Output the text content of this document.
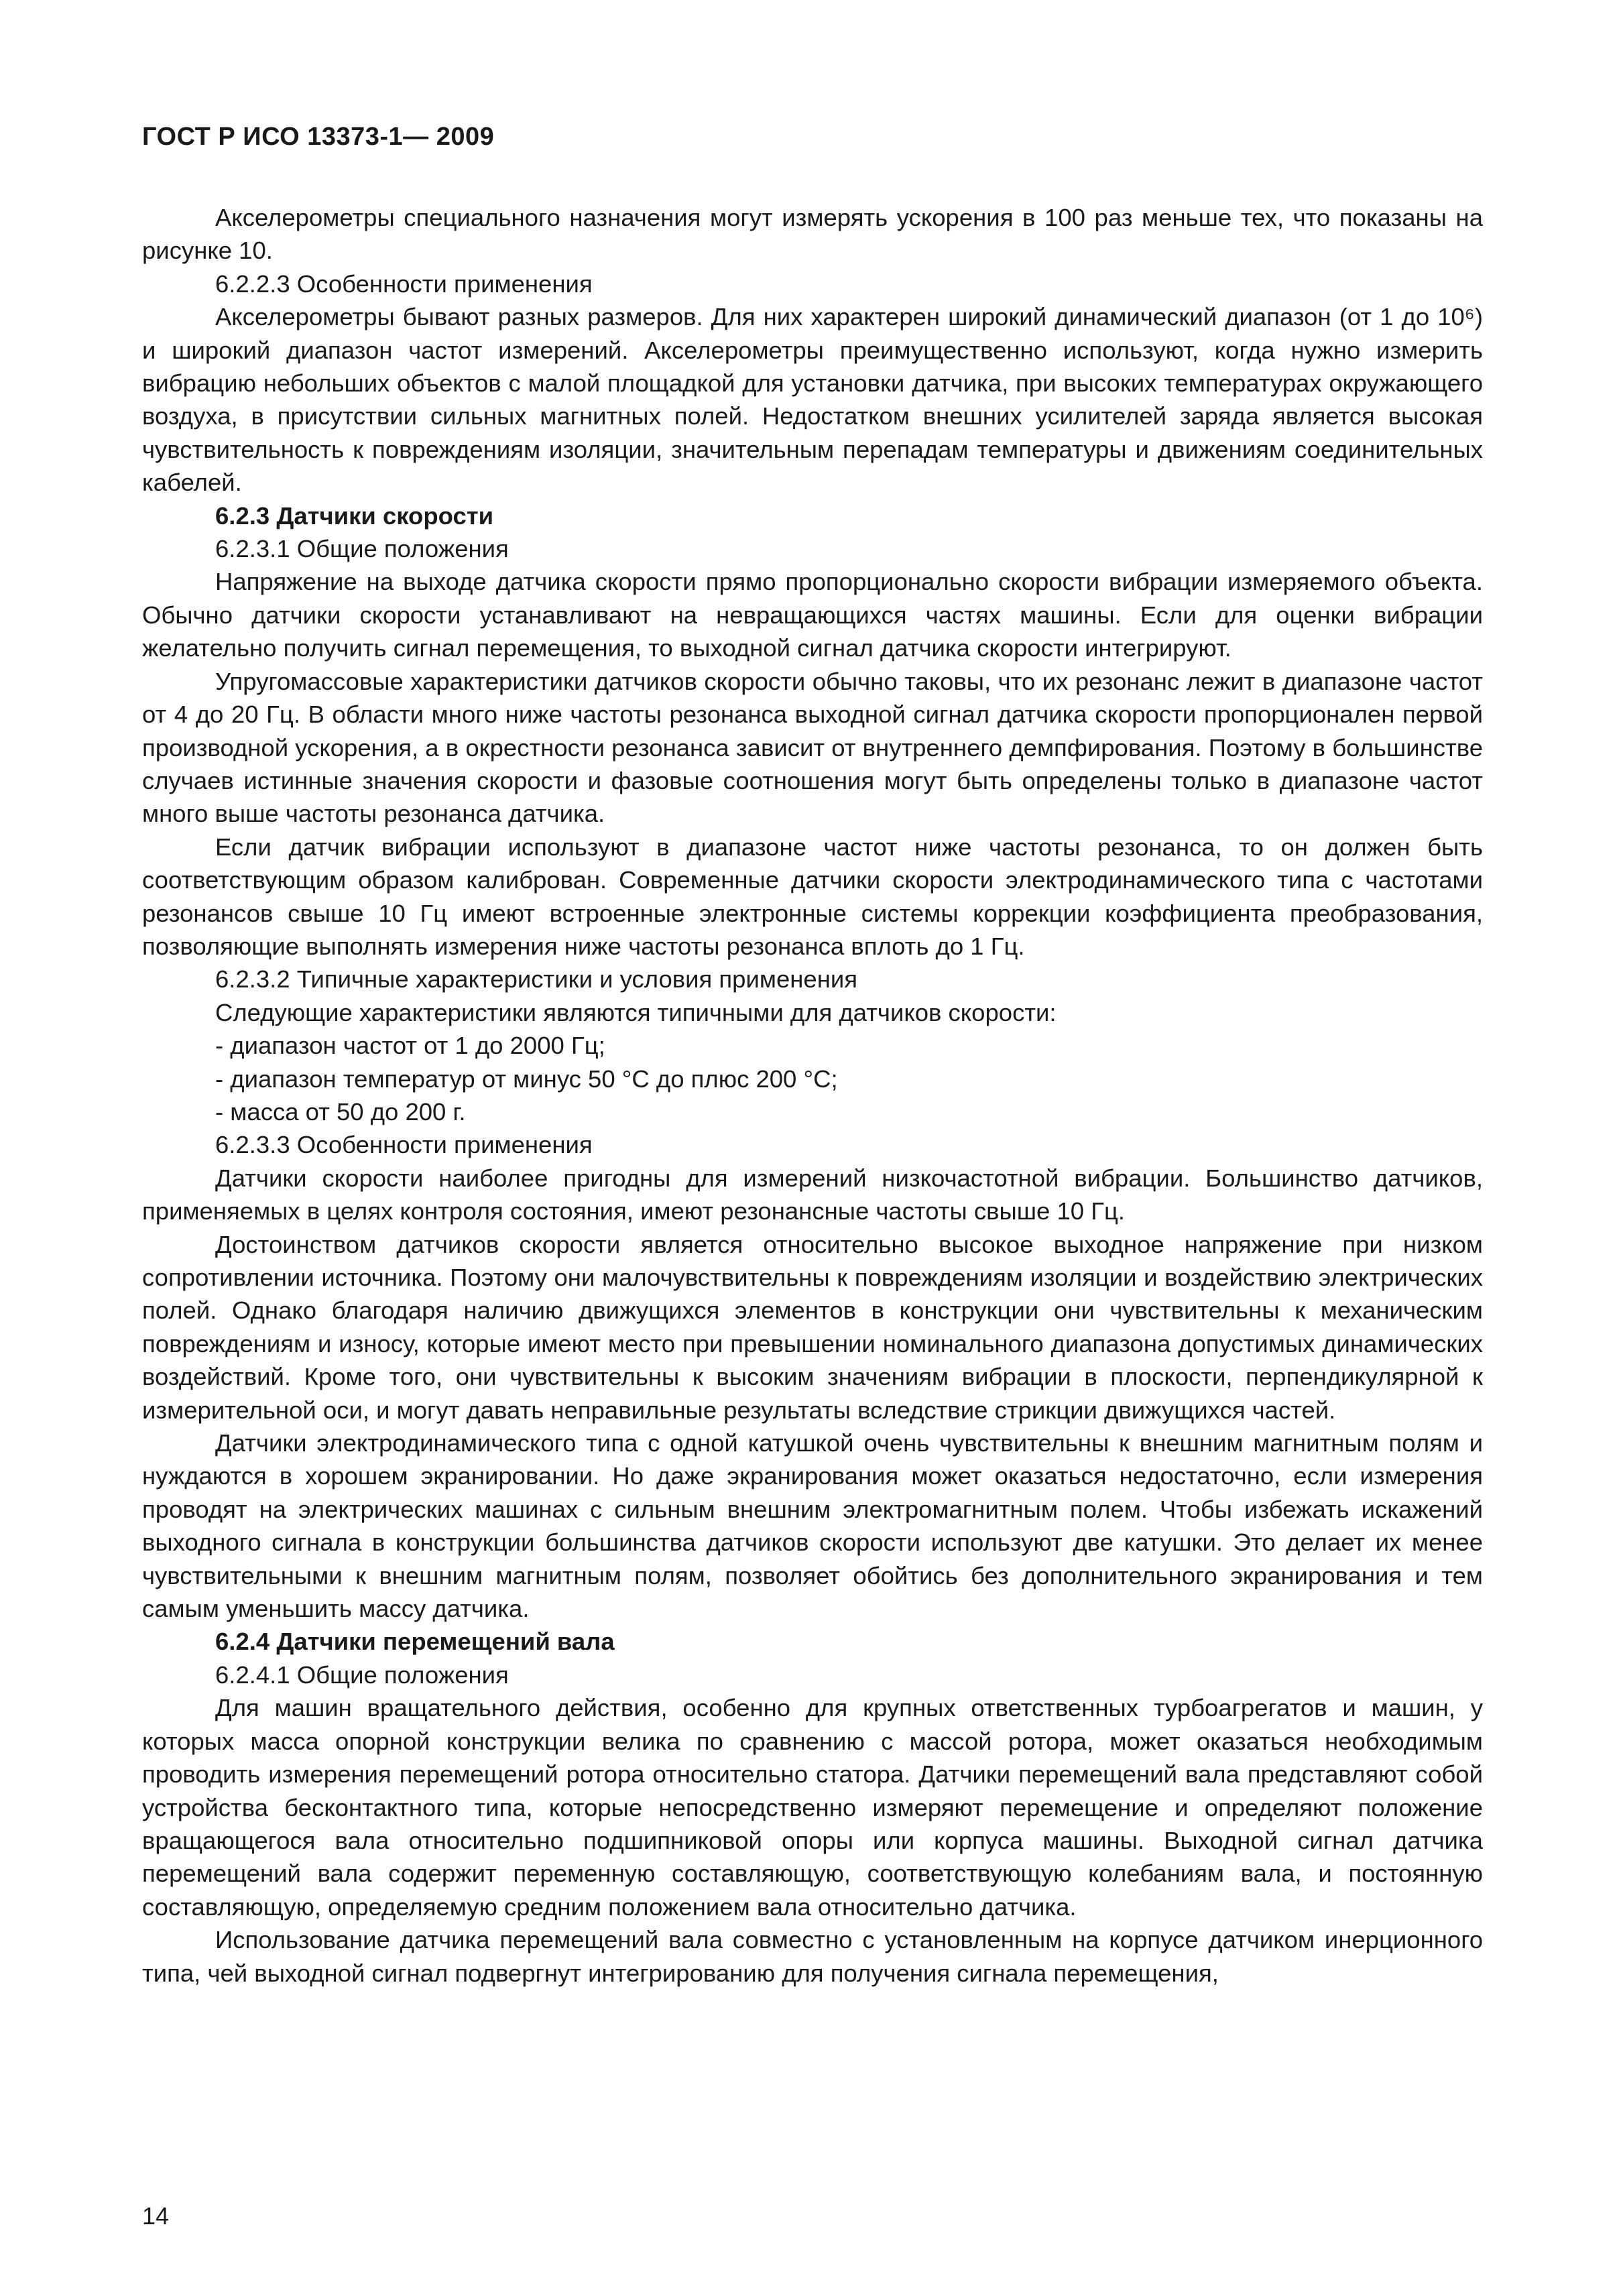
ГОСТ Р ИСО 13373-1— 2009

Акселерометры специального назначения могут измерять ускорения в 100 раз меньше тех, что показаны на рисунке 10.

6.2.2.3 Особенности применения

Акселерометры бывают разных размеров. Для них характерен широкий динамический диапазон (от 1 до 10⁶) и широкий диапазон частот измерений. Акселерометры преимущественно используют, когда нужно измерить вибрацию небольших объектов с малой площадкой для установки датчика, при высоких температурах окружающего воздуха, в присутствии сильных магнитных полей. Недостатком внешних усилителей заряда является высокая чувствительность к повреждениям изоляции, значительным перепадам температуры и движениям соединительных кабелей.

6.2.3 Датчики скорости

6.2.3.1 Общие положения

Напряжение на выходе датчика скорости прямо пропорционально скорости вибрации измеряемого объекта. Обычно датчики скорости устанавливают на невращающихся частях машины. Если для оценки вибрации желательно получить сигнал перемещения, то выходной сигнал датчика скорости интегрируют.

Упругомассовые характеристики датчиков скорости обычно таковы, что их резонанс лежит в диапазоне частот от 4 до 20 Гц. В области много ниже частоты резонанса выходной сигнал датчика скорости пропорционален первой производной ускорения, а в окрестности резонанса зависит от внутреннего демпфирования. Поэтому в большинстве случаев истинные значения скорости и фазовые соотношения могут быть определены только в диапазоне частот много выше частоты резонанса датчика.

Если датчик вибрации используют в диапазоне частот ниже частоты резонанса, то он должен быть соответствующим образом калиброван. Современные датчики скорости электродинамического типа с частотами резонансов свыше 10 Гц имеют встроенные электронные системы коррекции коэффициента преобразования, позволяющие выполнять измерения ниже частоты резонанса вплоть до 1 Гц.

6.2.3.2 Типичные характеристики и условия применения

Следующие характеристики являются типичными для датчиков скорости:

- диапазон частот от 1 до 2000 Гц;

- диапазон температур от минус 50 °С до плюс 200 °С;

- масса от 50 до 200 г.

6.2.3.3 Особенности применения

Датчики скорости наиболее пригодны для измерений низкочастотной вибрации. Большинство датчиков, применяемых в целях контроля состояния, имеют резонансные частоты свыше 10 Гц.

Достоинством датчиков скорости является относительно высокое выходное напряжение при низком сопротивлении источника. Поэтому они малочувствительны к повреждениям изоляции и воздействию электрических полей. Однако благодаря наличию движущихся элементов в конструкции они чувствительны к механическим повреждениям и износу, которые имеют место при превышении номинального диапазона допустимых динамических воздействий. Кроме того, они чувствительны к высоким значениям вибрации в плоскости, перпендикулярной к измерительной оси, и могут давать неправильные результаты вследствие стрикции движущихся частей.

Датчики электродинамического типа с одной катушкой очень чувствительны к внешним магнитным полям и нуждаются в хорошем экранировании. Но даже экранирования может оказаться недостаточно, если измерения проводят на электрических машинах с сильным внешним электромагнитным полем. Чтобы избежать искажений выходного сигнала в конструкции большинства датчиков скорости используют две катушки. Это делает их менее чувствительными к внешним магнитным полям, позволяет обойтись без дополнительного экранирования и тем самым уменьшить массу датчика.

6.2.4 Датчики перемещений вала

6.2.4.1 Общие положения

Для машин вращательного действия, особенно для крупных ответственных турбоагрегатов и машин, у которых масса опорной конструкции велика по сравнению с массой ротора, может оказаться необходимым проводить измерения перемещений ротора относительно статора. Датчики перемещений вала представляют собой устройства бесконтактного типа, которые непосредственно измеряют перемещение и определяют положение вращающегося вала относительно подшипниковой опоры или корпуса машины. Выходной сигнал датчика перемещений вала содержит переменную составляющую, соответствующую колебаниям вала, и постоянную составляющую, определяемую средним положением вала относительно датчика.

Использование датчика перемещений вала совместно с установленным на корпусе датчиком инерционного типа, чей выходной сигнал подвергнут интегрированию для получения сигнала перемещения,

14
